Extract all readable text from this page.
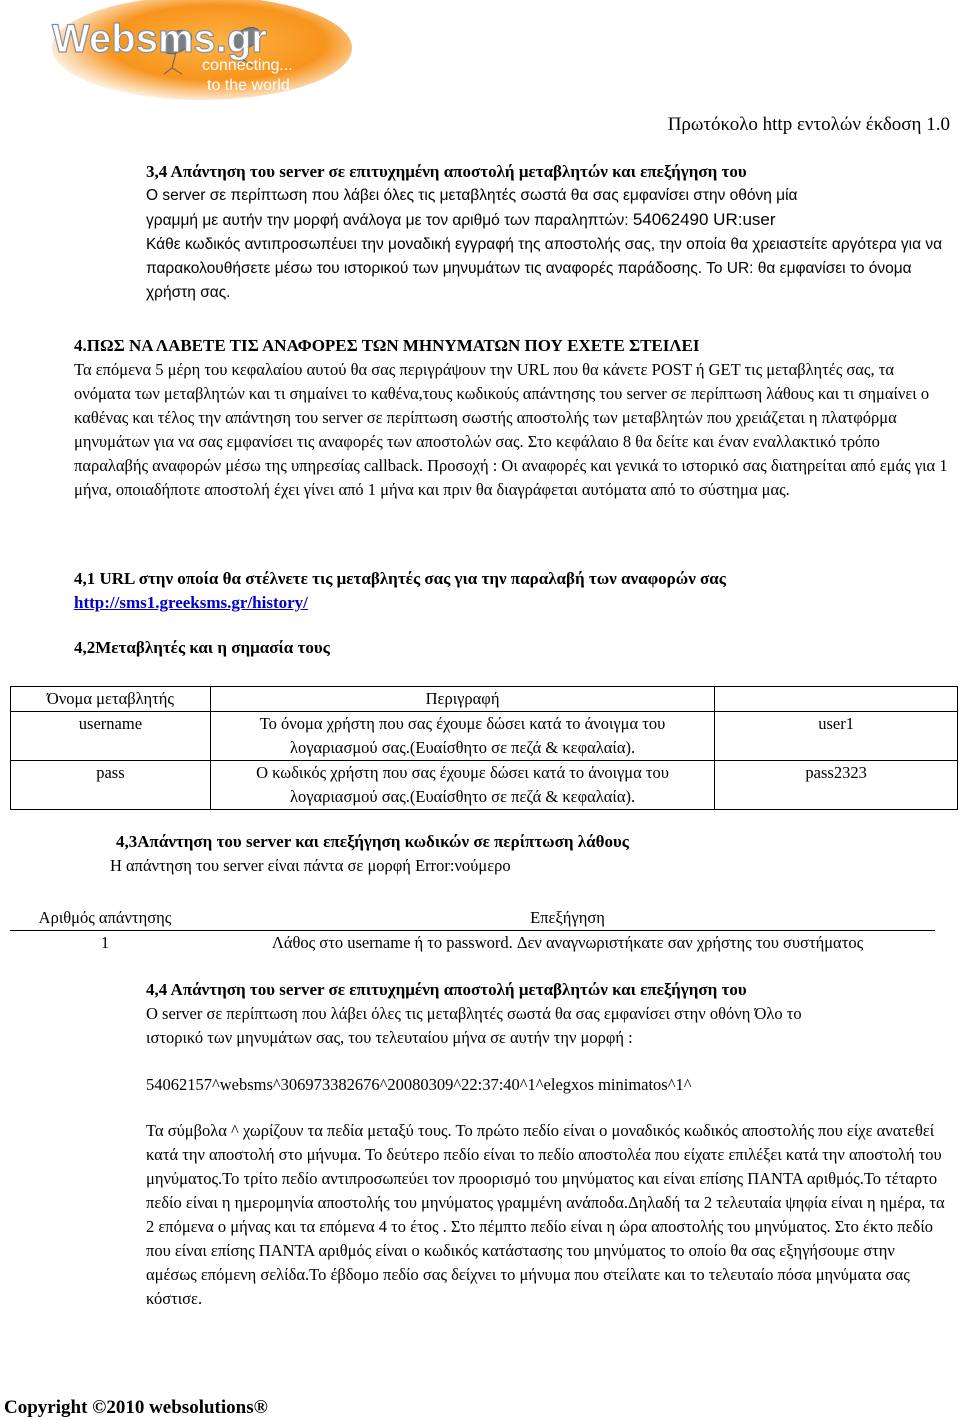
Websms.gr
connecting...
to the world
Πρωτόκολο http εντολών έκδοση 1.0
3,4 Απάντηση του server σε επιτυχημένη αποστολή μεταβλητών και επεξήγηση του
O server σε περίπτωση που λάβει όλες τις μεταβλητές σωστά θα σας εμφανίσει στην οθόνη μία
γραμμή με αυτήν την μορφή ανάλογα με τον αριθμό των παραληπτών: 54062490 UR:user
Κάθε κωδικός αντιπροσωπέυει την μοναδική εγγραφή της αποστολής σας, την οποία θα χρειαστείτε αργότερα για να παρακολουθήσετε μέσω του ιστορικού των μηνυμάτων τις αναφορές παράδοσης. Το UR: θα εμφανίσει το όνομα χρήστη σας.
4.ΠΩΣ ΝΑ ΛΑΒΕΤΕ ΤΙΣ ΑΝΑΦΟΡΕΣ ΤΩΝ ΜΗΝΥΜΑΤΩΝ ΠΟΥ ΕΧΕΤΕ ΣΤΕΙΛΕΙ
Τα επόμενα 5 μέρη του κεφαλαίου αυτού θα σας περιγράψουν την URL που θα κάνετε POST ή GET τις μεταβλητές σας, τα ονόματα των μεταβλητών και τι σημαίνει το καθένα,τους κωδικούς απάντησης του server σε περίπτωση λάθους και τι σημαίνει ο καθένας και τέλος την απάντηση του server σε περίπτωση σωστής αποστολής των μεταβλητών που χρειάζεται η πλατφόρμα μηνυμάτων για να σας εμφανίσει τις αναφορές των αποστολών σας. Στο κεφάλαιο 8 θα δείτε και έναν εναλλακτικό τρόπο παραλαβής αναφορών μέσω της υπηρεσίας callback. Προσοχή : Οι αναφορές και γενικά το ιστορικό σας διατηρείται από εμάς για 1 μήνα, οποιαδήποτε αποστολή έχει γίνει από 1 μήνα και πριν θα διαγράφεται αυτόματα από το σύστημα μας.
4,1 URL στην οποία θα στέλνετε τις μεταβλητές σας για την παραλαβή των αναφορών σας
http://sms1.greeksms.gr/history/
4,2Μεταβλητές και η σημασία τους
Όνομα μεταβλητής	Περιγραφή	
username	Το όνομα χρήστη που σας έχουμε δώσει κατά το άνοιγμα του
λογαριασμού σας.(Ευαίσθητο σε πεζά & κεφαλαία).	user1
pass	Ο κωδικός χρήστη που σας έχουμε δώσει κατά το άνοιγμα του
λογαριασμού σας.(Ευαίσθητο σε πεζά & κεφαλαία).	pass2323
4,3Απάντηση του server και επεξήγηση κωδικών σε περίπτωση λάθους
Η απάντηση του server είναι πάντα σε μορφή Error:νούμερο
Αριθμός απάντησης	Επεξήγηση
1	Λάθος στο username ή το password. Δεν αναγνωριστήκατε σαν χρήστης του συστήματος
4,4 Απάντηση του server σε επιτυχημένη αποστολή μεταβλητών και επεξήγηση του
O server σε περίπτωση που λάβει όλες τις μεταβλητές σωστά θα σας εμφανίσει στην οθόνη Όλο το
ιστορικό των μηνυμάτων σας, του τελευταίου μήνα σε αυτήν την μορφή :
54062157^websms^306973382676^20080309^22:37:40^1^elegxos minimatos^1^
Τα σύμβολα ^ χωρίζουν τα πεδία μεταξύ τους. Το πρώτο πεδίο είναι ο μοναδικός κωδικός αποστολής που είχε ανατεθεί κατά την αποστολή στο μήνυμα. Το δεύτερο πεδίο είναι το πεδίο αποστολέα που είχατε επιλέξει κατά την αποστολή του μηνύματος.Το τρίτο πεδίο αντιπροσωπεύει τον προορισμό του μηνύματος και είναι επίσης ΠΑΝΤΑ αριθμός.Το τέταρτο πεδίο είναι η ημερομηνία αποστολής του μηνύματος γραμμένη ανάποδα.Δηλαδή τα 2 τελευταία ψηφία είναι η ημέρα, τα 2 επόμενα ο μήνας και τα επόμενα 4 το έτος . Στο πέμπτο πεδίο είναι η ώρα αποστολής του μηνύματος. Στο έκτο πεδίο που είναι επίσης ΠΑΝΤΑ αριθμός είναι ο κωδικός κατάστασης του μηνύματος το οποίο θα σας εξηγήσουμε στην αμέσως επόμενη σελίδα.Το έβδομο πεδίο σας δείχνει το μήνυμα που στείλατε και το τελευταίο πόσα μηνύματα σας κόστισε.
Copyright ©2010 websolutions®
